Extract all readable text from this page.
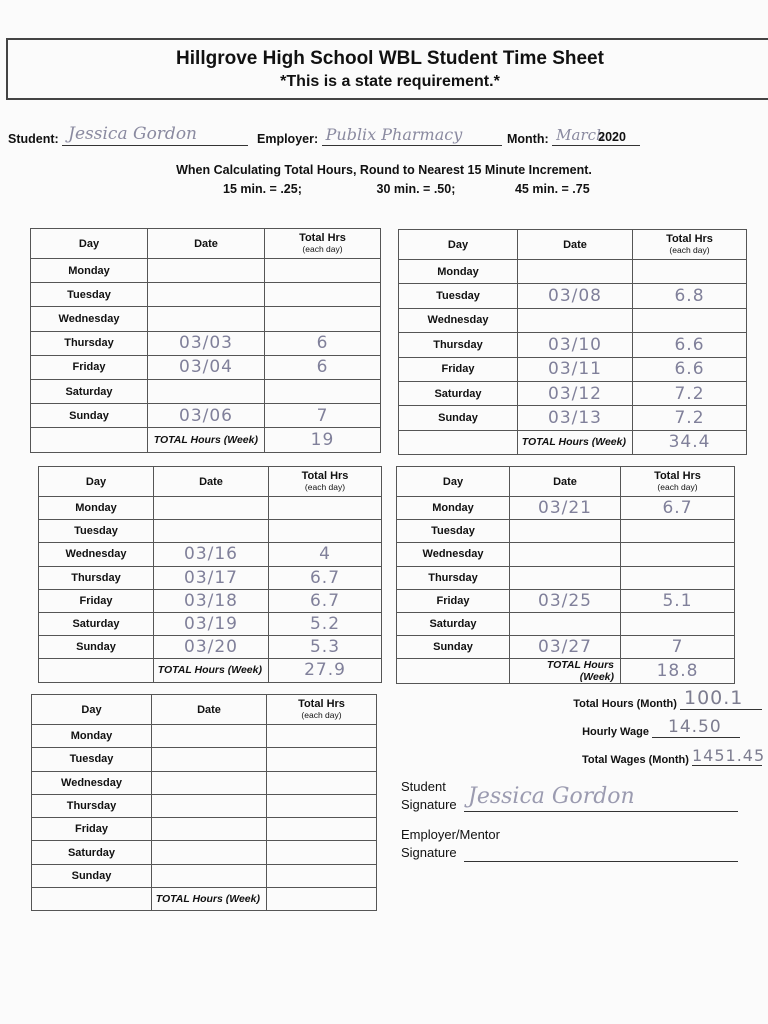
Hillgrove High School WBL Student Time Sheet
*This is a state requirement.*
Student: Jessica Gordon	Employer: Publix Pharmacy	Month: March
2020
When Calculating Total Hours, Round to Nearest 15 Minute Increment.
15 min. = .25;	30 min. = .50;	45 min. = .75
Day	Date	Total Hrs
(each day)
Monday		
Tuesday		
Wednesday		
Thursday	03/03	6
Friday	03/04	6
Saturday		
Sunday	03/06	7
	TOTAL Hours (Week)	19
Day	Date	Total Hrs
(each day)
Monday		
Tuesday	03/08	6.8
Wednesday		
Thursday	03/10	6.6
Friday	03/11	6.6
Saturday	03/12	7.2
Sunday	03/13	7.2
	TOTAL Hours (Week)	34.4
Day	Date	Total Hrs
(each day)
Monday		
Tuesday		
Wednesday	03/16	4
Thursday	03/17	6.7
Friday	03/18	6.7
Saturday	03/19	5.2
Sunday	03/20	5.3
	TOTAL Hours (Week)	27.9
Day	Date	Total Hrs
(each day)
Monday	03/21	6.7
Tuesday		
Wednesday		
Thursday		
Friday	03/25	5.1
Saturday		
Sunday	03/27	7
	TOTAL Hours (Week)	18.8
Day	Date	Total Hrs
(each day)
Monday		
Tuesday		
Wednesday		
Thursday		
Friday		
Saturday		
Sunday		
	TOTAL Hours (Week)	
Total Hours (Month) 100.1
Hourly Wage 14.50
Total Wages (Month) 1451.45
Student
Signature Jessica Gordon
Employer/Mentor
Signature
